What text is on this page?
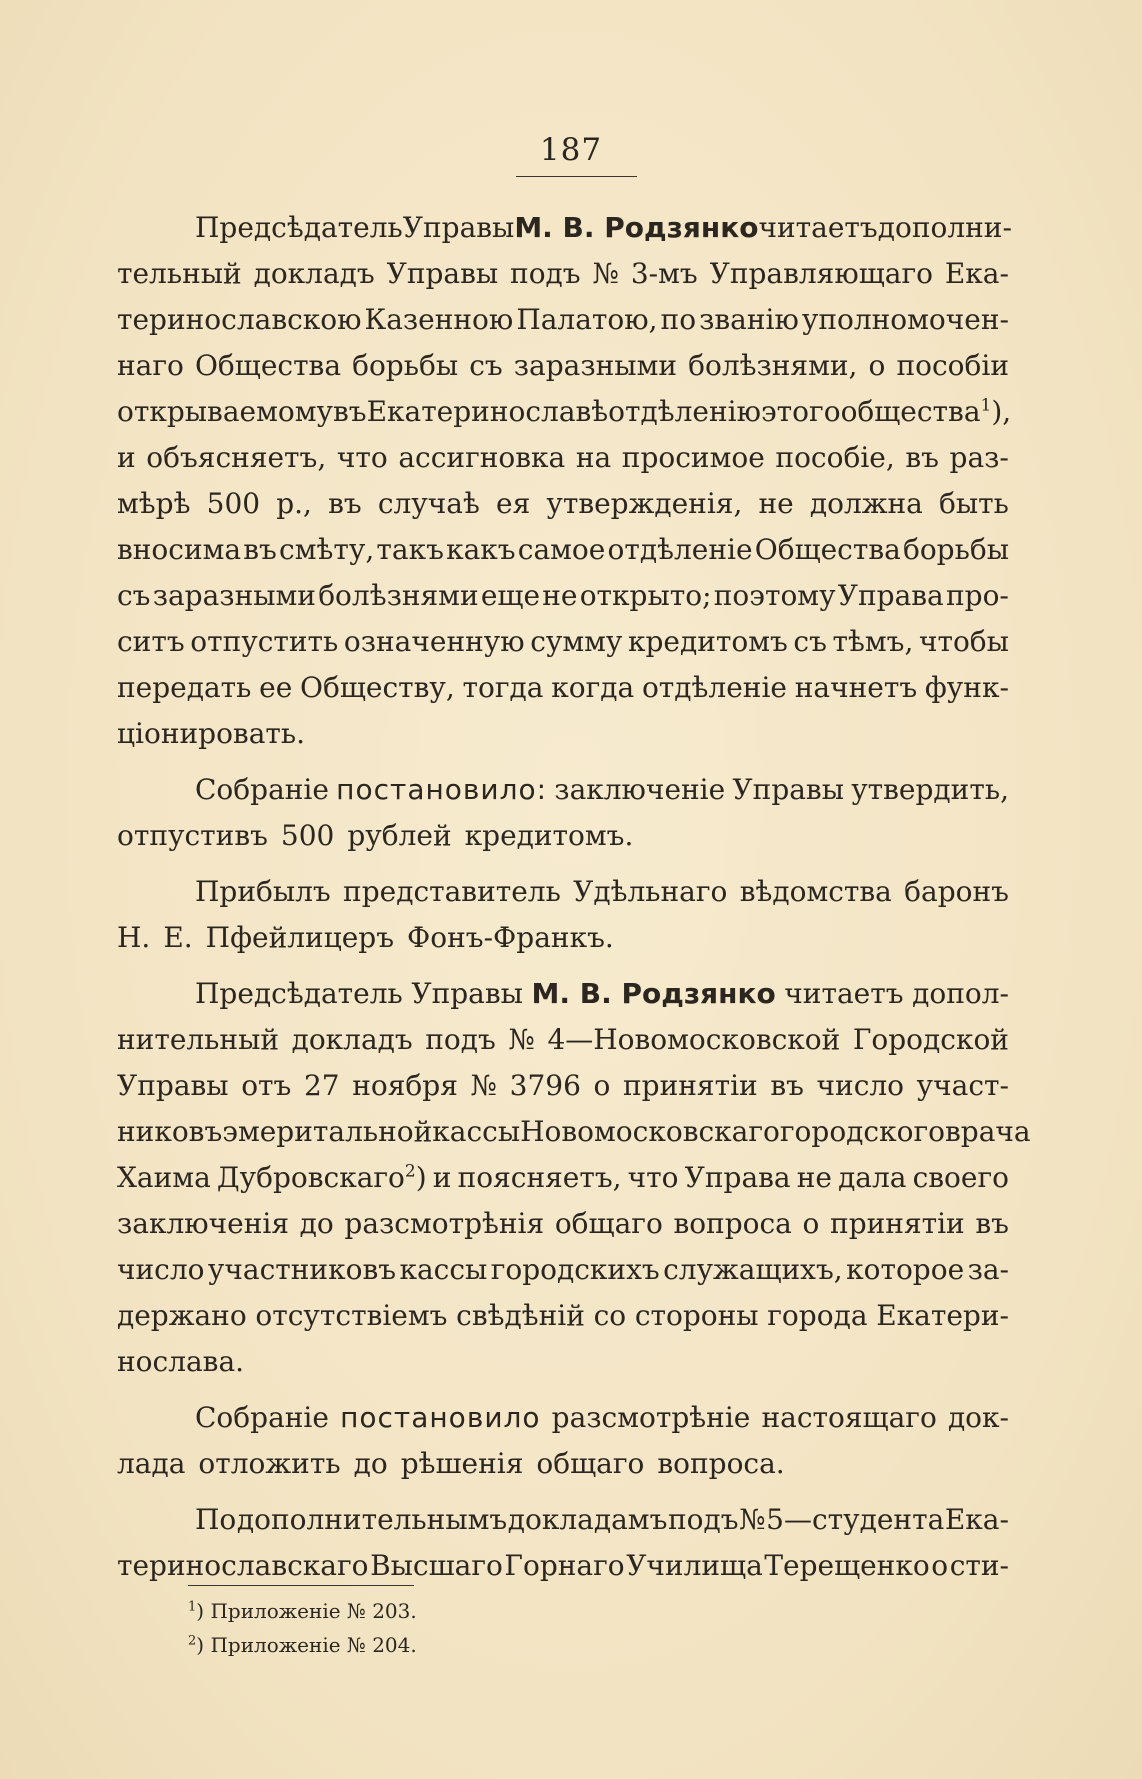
187
Предсѣдатель Управы М. В. Родзянко читаетъ дополни-
тельный докладъ Управы подъ № 3-мъ Управляющаго Ека-
теринославскою Казенною Палатою, по званію уполномочен-
наго Общества борьбы съ заразными болѣзнями, о пособіи
открываемому въ Екатеринославѣ отдѣленію этого общества$^1$),
и объясняетъ, что ассигновка на просимое пособіе, въ раз-
мѣрѣ 500 р., въ случаѣ ея утвержденія, не должна быть
вносима въ смѣту, такъ какъ самое отдѣленіе Общества борьбы
съ заразными болѣзнями еще не открыто; поэтому Управа про-
ситъ отпустить означенную сумму кредитомъ съ тѣмъ, чтобы
передать ее Обществу, тогда когда отдѣленіе начнетъ функ-
ціонировать.
Собраніе постановило: заключеніе Управы утвердить,
отпустивъ 500 рублей кредитомъ.
Прибылъ представитель Удѣльнаго вѣдомства баронъ
Н. Е. Пфейлицеръ Фонъ-Франкъ.
Предсѣдатель Управы М. В. Родзянко читаетъ допол-
нительный докладъ подъ № 4—Новомосковской Городской
Управы отъ 27 ноября № 3796 о принятіи въ число участ-
никовъ эмеритальной кассы Новомосковскаго городского врача
Хаима Дубровскаго$^2$) и поясняетъ, что Управа не дала своего
заключенія до разсмотрѣнія общаго вопроса о принятіи въ
число участниковъ кассы городскихъ служащихъ, которое за-
держано отсутствіемъ свѣдѣній со стороны города Екатери-
нослава.
Собраніе постановило разсмотрѣніе настоящаго док-
лада отложить до рѣшенія общаго вопроса.
По дополнительнымъ докладамъ подъ № 5—студента Ека-
теринославскаго Высшаго Горнаго Училища Терещенко о сти-
$^1$) Приложеніе № 203.
$^2$) Приложеніе № 204.
